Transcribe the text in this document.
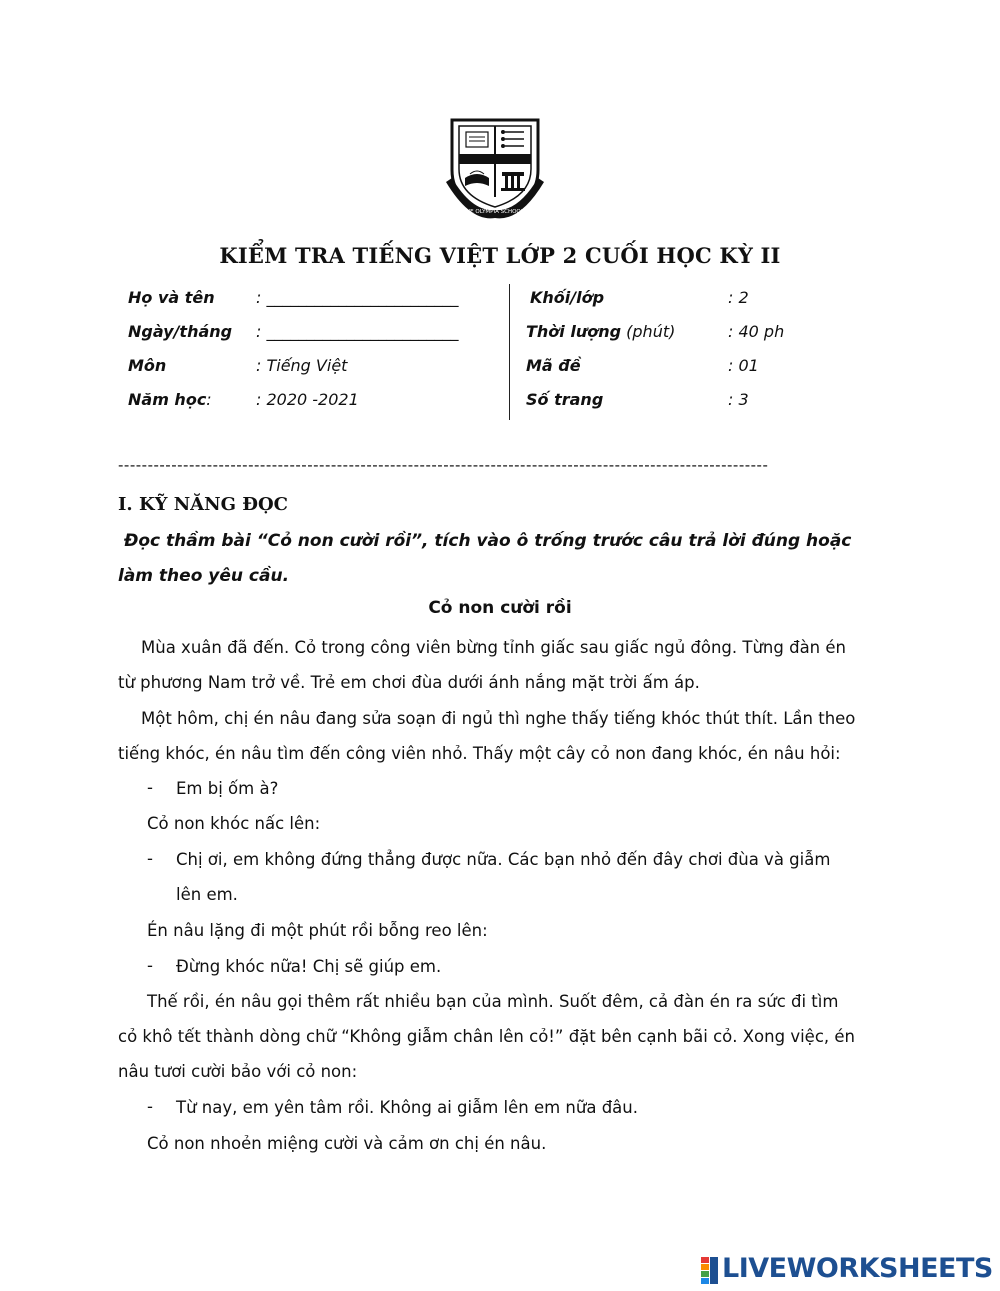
THE OLYMPIA SCHOOLS
KIỂM TRA TIẾNG VIỆT LỚP 2 CUỐI HỌC KỲ II
Họ và tên	: ________________________
Ngày/tháng : ________________________
Môn	: Tiếng Việt
Năm học:	: 2020 -2021
Khối/lớp	: 2
Thời lượng (phút)	: 40 ph
Mã đề	: 01
Số trang	: 3
--------------------------------------------------------------------------------------------------------------
I. KỸ NĂNG ĐỌC
Đọc thầm bài “Cỏ non cười rồi”, tích vào ô trống trước câu trả lời đúng hoặc làm theo yêu cầu.
Cỏ non cười rồi
Mùa xuân đã đến. Cỏ trong công viên bừng tỉnh giấc sau giấc ngủ đông. Từng đàn én
từ phương Nam trở về. Trẻ em chơi đùa dưới ánh nắng mặt trời ấm áp.
Một hôm, chị én nâu đang sửa soạn đi ngủ thì nghe thấy tiếng khóc thút thít. Lần theo
tiếng khóc, én nâu tìm đến công viên nhỏ. Thấy một cây cỏ non đang khóc, én nâu hỏi:
- Em bị ốm à?
Cỏ non khóc nấc lên:
- Chị ơi, em không đứng thẳng được nữa. Các bạn nhỏ đến đây chơi đùa và giẫm
lên em.
Én nâu lặng đi một phút rồi bỗng reo lên:
- Đừng khóc nữa! Chị sẽ giúp em.
Thế rồi, én nâu gọi thêm rất nhiều bạn của mình. Suốt đêm, cả đàn én ra sức đi tìm
cỏ khô tết thành dòng chữ “Không giẫm chân lên cỏ!” đặt bên cạnh bãi cỏ. Xong việc, én
nâu tươi cười bảo với cỏ non:
- Từ nay, em yên tâm rồi. Không ai giẫm lên em nữa đâu.
Cỏ non nhoẻn miệng cười và cảm ơn chị én nâu.
LIVEWORKSHEETS
